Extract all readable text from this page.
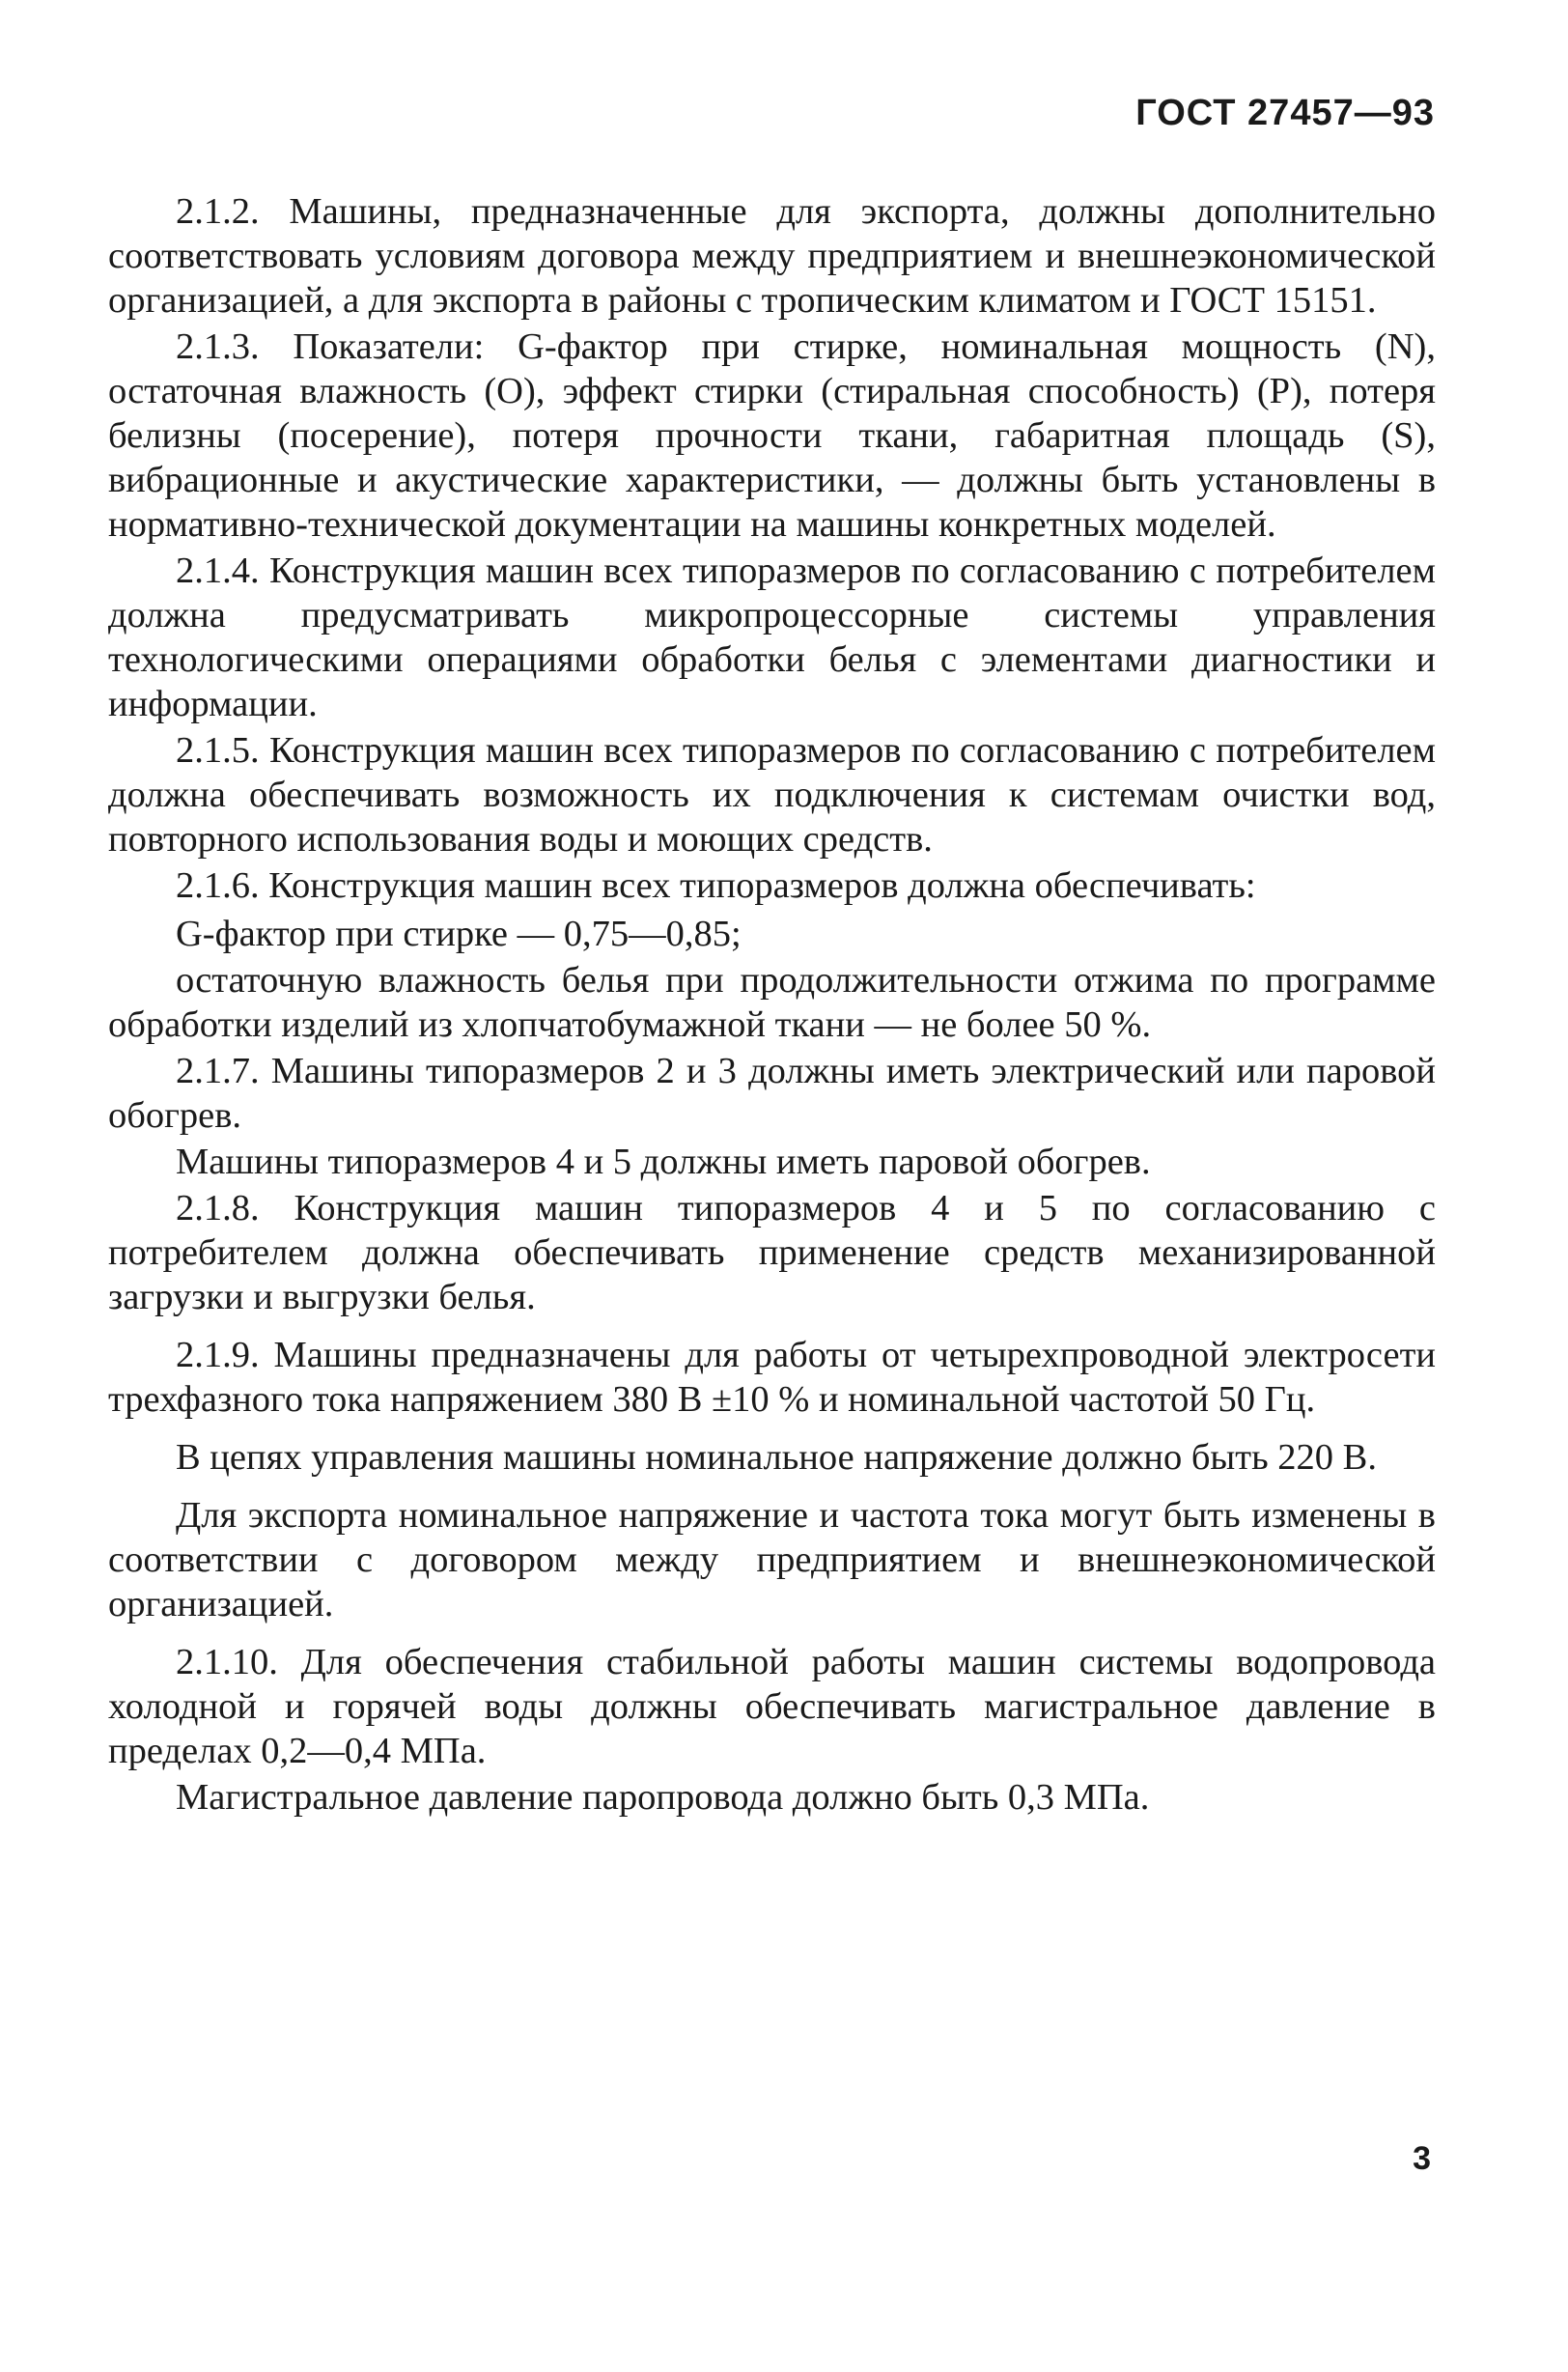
ГОСТ 27457—93

2.1.2. Машины, предназначенные для экспорта, должны дополнительно соответствовать условиям договора между предприятием и внешнеэкономической организацией, а для экспорта в районы с тропическим климатом и ГОСТ 15151.

2.1.3. Показатели: G-фактор при стирке, номинальная мощность (N), остаточная влажность (O), эффект стирки (стиральная способность) (P), потеря белизны (посерение), потеря прочности ткани, габаритная площадь (S), вибрационные и акустические характеристики, — должны быть установлены в нормативно-технической документации на машины конкретных моделей.

2.1.4. Конструкция машин всех типоразмеров по согласованию с потребителем должна предусматривать микропроцессорные системы управления технологическими операциями обработки белья с элементами диагностики и информации.

2.1.5. Конструкция машин всех типоразмеров по согласованию с потребителем должна обеспечивать возможность их подключения к системам очистки вод, повторного использования воды и моющих средств.

2.1.6. Конструкция машин всех типоразмеров должна обеспечивать:

G-фактор при стирке — 0,75—0,85;

остаточную влажность белья при продолжительности отжима по программе обработки изделий из хлопчатобумажной ткани — не более 50 %.

2.1.7. Машины типоразмеров 2 и 3 должны иметь электрический или паровой обогрев.

Машины типоразмеров 4 и 5 должны иметь паровой обогрев.

2.1.8. Конструкция машин типоразмеров 4 и 5 по согласованию с потребителем должна обеспечивать применение средств механизированной загрузки и выгрузки белья.

2.1.9. Машины предназначены для работы от четырехпроводной электросети трехфазного тока напряжением 380 В ±10 % и номинальной частотой 50 Гц.

В цепях управления машины номинальное напряжение должно быть 220 В.

Для экспорта номинальное напряжение и частота тока могут быть изменены в соответствии с договором между предприятием и внешнеэкономической организацией.

2.1.10. Для обеспечения стабильной работы машин системы водопровода холодной и горячей воды должны обеспечивать магистральное давление в пределах 0,2—0,4 МПа.

Магистральное давление паропровода должно быть 0,3 МПа.

3
